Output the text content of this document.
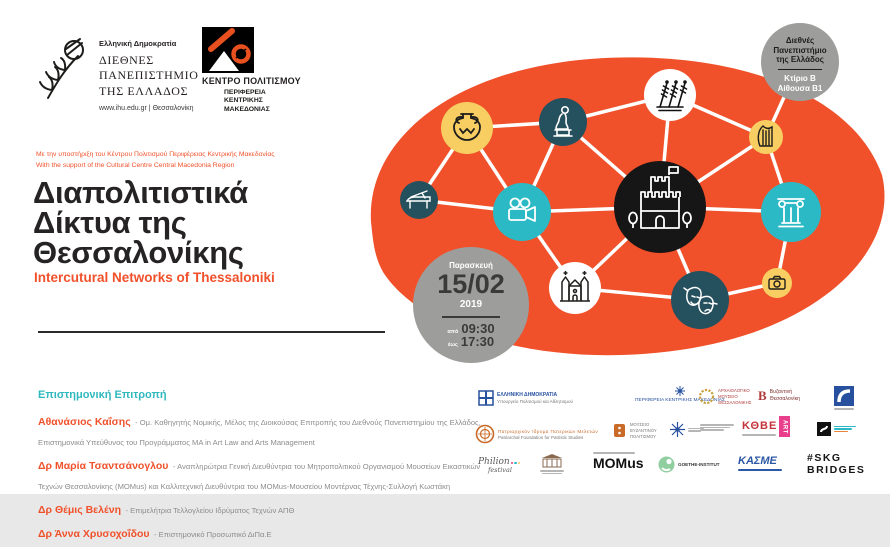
Ελληνική Δημοκρατία
ΔΙΕΘΝΕΣ
ΠΑΝΕΠΙΣΤΗΜΙΟ
ΤΗΣ ΕΛΛΑΔΟΣ
www.ihu.edu.gr | Θεσσαλονίκη
ΚΕΝΤΡΟ ΠΟΛΙΤΙΣΜΟΥ
ΠΕΡΙΦΕΡΕΙΑ
ΚΕΝΤΡΙΚΗΣ
ΜΑΚΕΔΟΝΙΑΣ
Διεθνές
Πανεπιστήμιο
της Ελλάδος
Κτίριο Β
Αίθουσα Β1
Με την υποστήριξη του Κέντρου Πολιτισμού Περιφέρειας Κεντρικής Μακεδονίας
With the support of the Cultural Centre Central Macedonia Region
Διαπολιτιστικά
Δίκτυα της
Θεσσαλονίκης
Intercutural Networks of Thessaloniki
Παρασκευή
15/02
2019
από 09:30
έως 17:30
Επιστημονική Επιτροπή
Αθανάσιος Καΐσης - Ομ. Καθηγητής Νομικής, Μέλος της Διοικούσας Επιτροπής του Διεθνούς Πανεπιστημίου της Ελλάδος, Επιστημονικά Υπεύθυνος του Προγράμματος MA in Art Law and Arts Management
Δρ Μαρία Τσαντσάνογλου - Αναπληρώτρια Γενική Διευθύντρια του Μητροπολιτικού Οργανισμού Μουσείων Εικαστικών Τεχνών Θεσσαλονίκης (MOMus) και Καλλιτεχνική Διευθύντρια του MOMus-Μουσείου Μοντέρνας Τέχνης-Συλλογή Κωστάκη
Δρ Θέμις Βελένη - Επιμελήτρια Τελλογλείου Ιδρύματος Τεχνών ΑΠΘ
Δρ Άννα Χρυσοχοΐδου - Επιστημονικό Προσωπικό ΔιΠα.Ε
ΕΛΛΗΝΙΚΗ ΔΗΜΟΚΡΑΤΙΑ
Υπουργείο Πολιτισμού και Αθλητισμού	ΠΕΡΙΦΕΡΕΙΑ ΚΕΝΤΡΙΚΗΣ ΜΑΚΕΔΟΝΙΑΣ
ΑΡΧΑΙΟΛΟΓΙΚΟ
ΜΟΥΣΕΙΟ
ΘΕΣΣΑΛΟΝΙΚΗΣ Β Βυζαντινή
Θεσσαλονίκη
Πατριαρχικόν Ίδρυμα Πατερικών Μελετών
Patriarchal Foundation for Patristic Studies
ΜΟΥΣΕΙΟ
ΒΥΖΑΝΤΙΝΟΥ
ΠΟΛΙΤΙΣΜΟΥ
ΚΘΒΕ ART
Philion
festival	MOMus	GOETHE-INSTITUT ΚΑΣΜΕ	#SKG
BRIDGES
